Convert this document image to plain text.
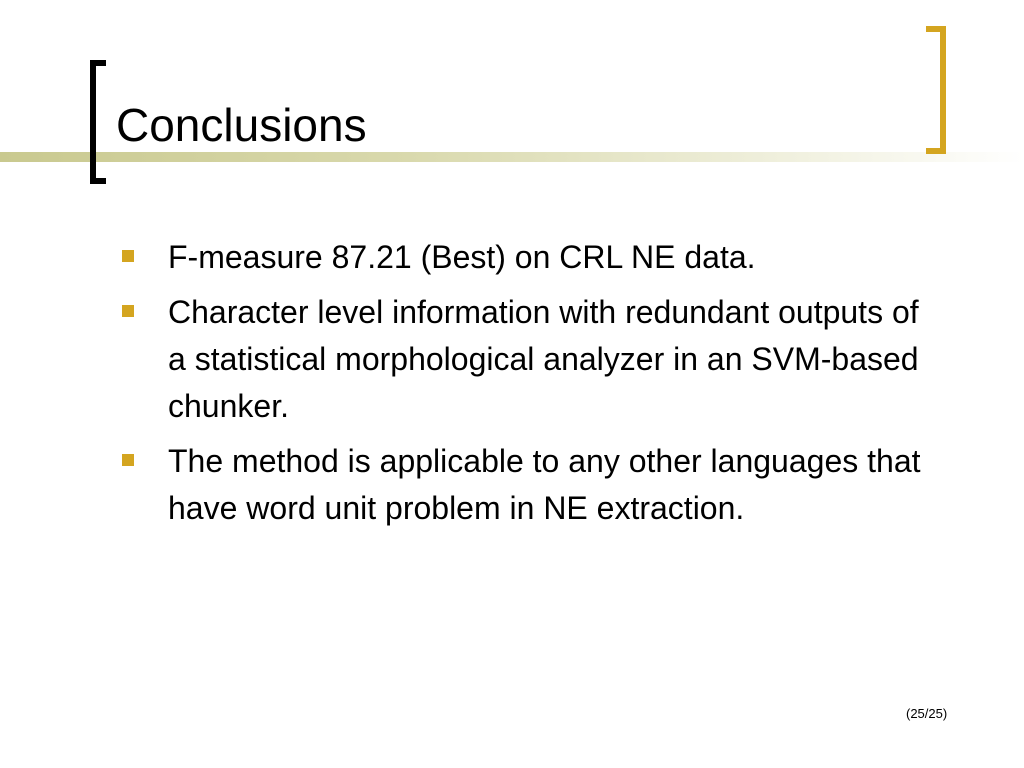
Conclusions
F-measure 87.21 (Best) on CRL NE data.
Character level information with redundant outputs of a statistical morphological analyzer in an SVM-based chunker.
The method is applicable to any other languages that have word unit problem in NE extraction.
(25/25)
